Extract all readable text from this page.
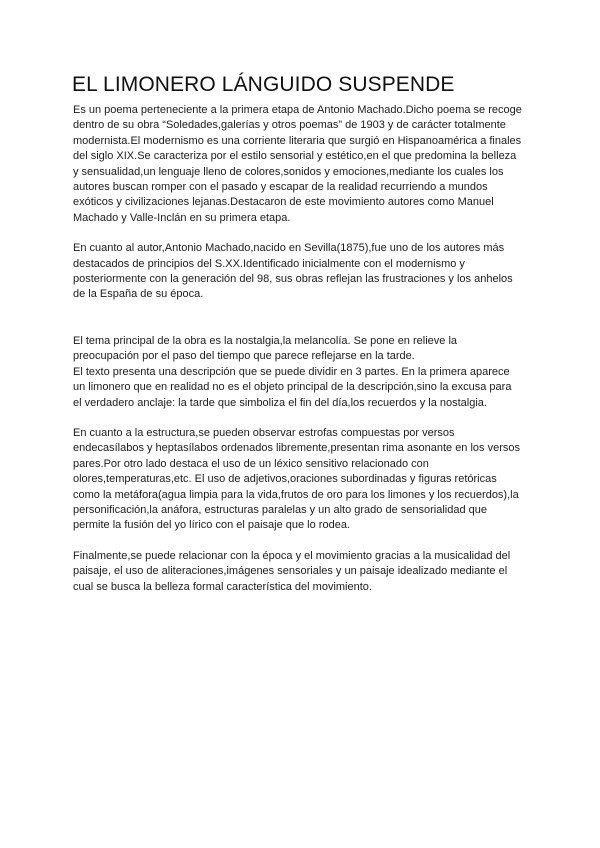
EL LIMONERO LÁNGUIDO SUSPENDE

Es un poema perteneciente a la primera etapa de Antonio Machado.Dicho poema se recoge dentro de su obra “Soledades,galerías y otros poemas” de 1903 y de carácter totalmente modernista.El modernismo es una corriente literaria que surgió en Hispanoamérica a finales del siglo XIX.Se caracteriza por el estilo sensorial y estético,en el que predomina la belleza y sensualidad,un lenguaje lleno de colores,sonidos y emociones,mediante los cuales los autores buscan romper con el pasado y escapar de la realidad recurriendo a mundos exóticos y civilizaciones lejanas.Destacaron de este movimiento autores como Manuel Machado y Valle-Inclán en su primera etapa.

En cuanto al autor,Antonio Machado,nacido en Sevilla(1875),fue uno de los autores más destacados de principios del S.XX.Identificado inicialmente con el modernismo y posteriormente con la generación del 98, sus obras reflejan las frustraciones y los anhelos de la España de su época.

El tema principal de la obra es la nostalgia,la melancolía. Se pone en relieve la preocupación por el paso del tiempo que parece reflejarse en la tarde.

El texto presenta una descripción que se puede dividir en 3 partes. En la primera aparece un limonero que en realidad no es el objeto principal de la descripción,sino la excusa para el verdadero anclaje: la tarde que simboliza el fin del día,los recuerdos y la nostalgia.

En cuanto a la estructura,se pueden observar estrofas compuestas por versos endecasílabos y heptasílabos ordenados libremente,presentan rima asonante en los versos pares.Por otro lado destaca el uso de un léxico sensitivo relacionado con olores,temperaturas,etc. El uso de adjetivos,oraciones subordinadas y figuras retóricas como la metáfora(agua limpia para la vida,frutos de oro para los limones y los recuerdos),la personificación,la anáfora, estructuras paralelas y un alto grado de sensorialidad que permite la fusión del yo lírico con el paisaje que lo rodea.

Finalmente,se puede relacionar con la época y el movimiento gracias a la musicalidad del paisaje, el uso de aliteraciones,imágenes sensoriales y un paisaje idealizado mediante el cual se busca la belleza formal característica del movimiento.
